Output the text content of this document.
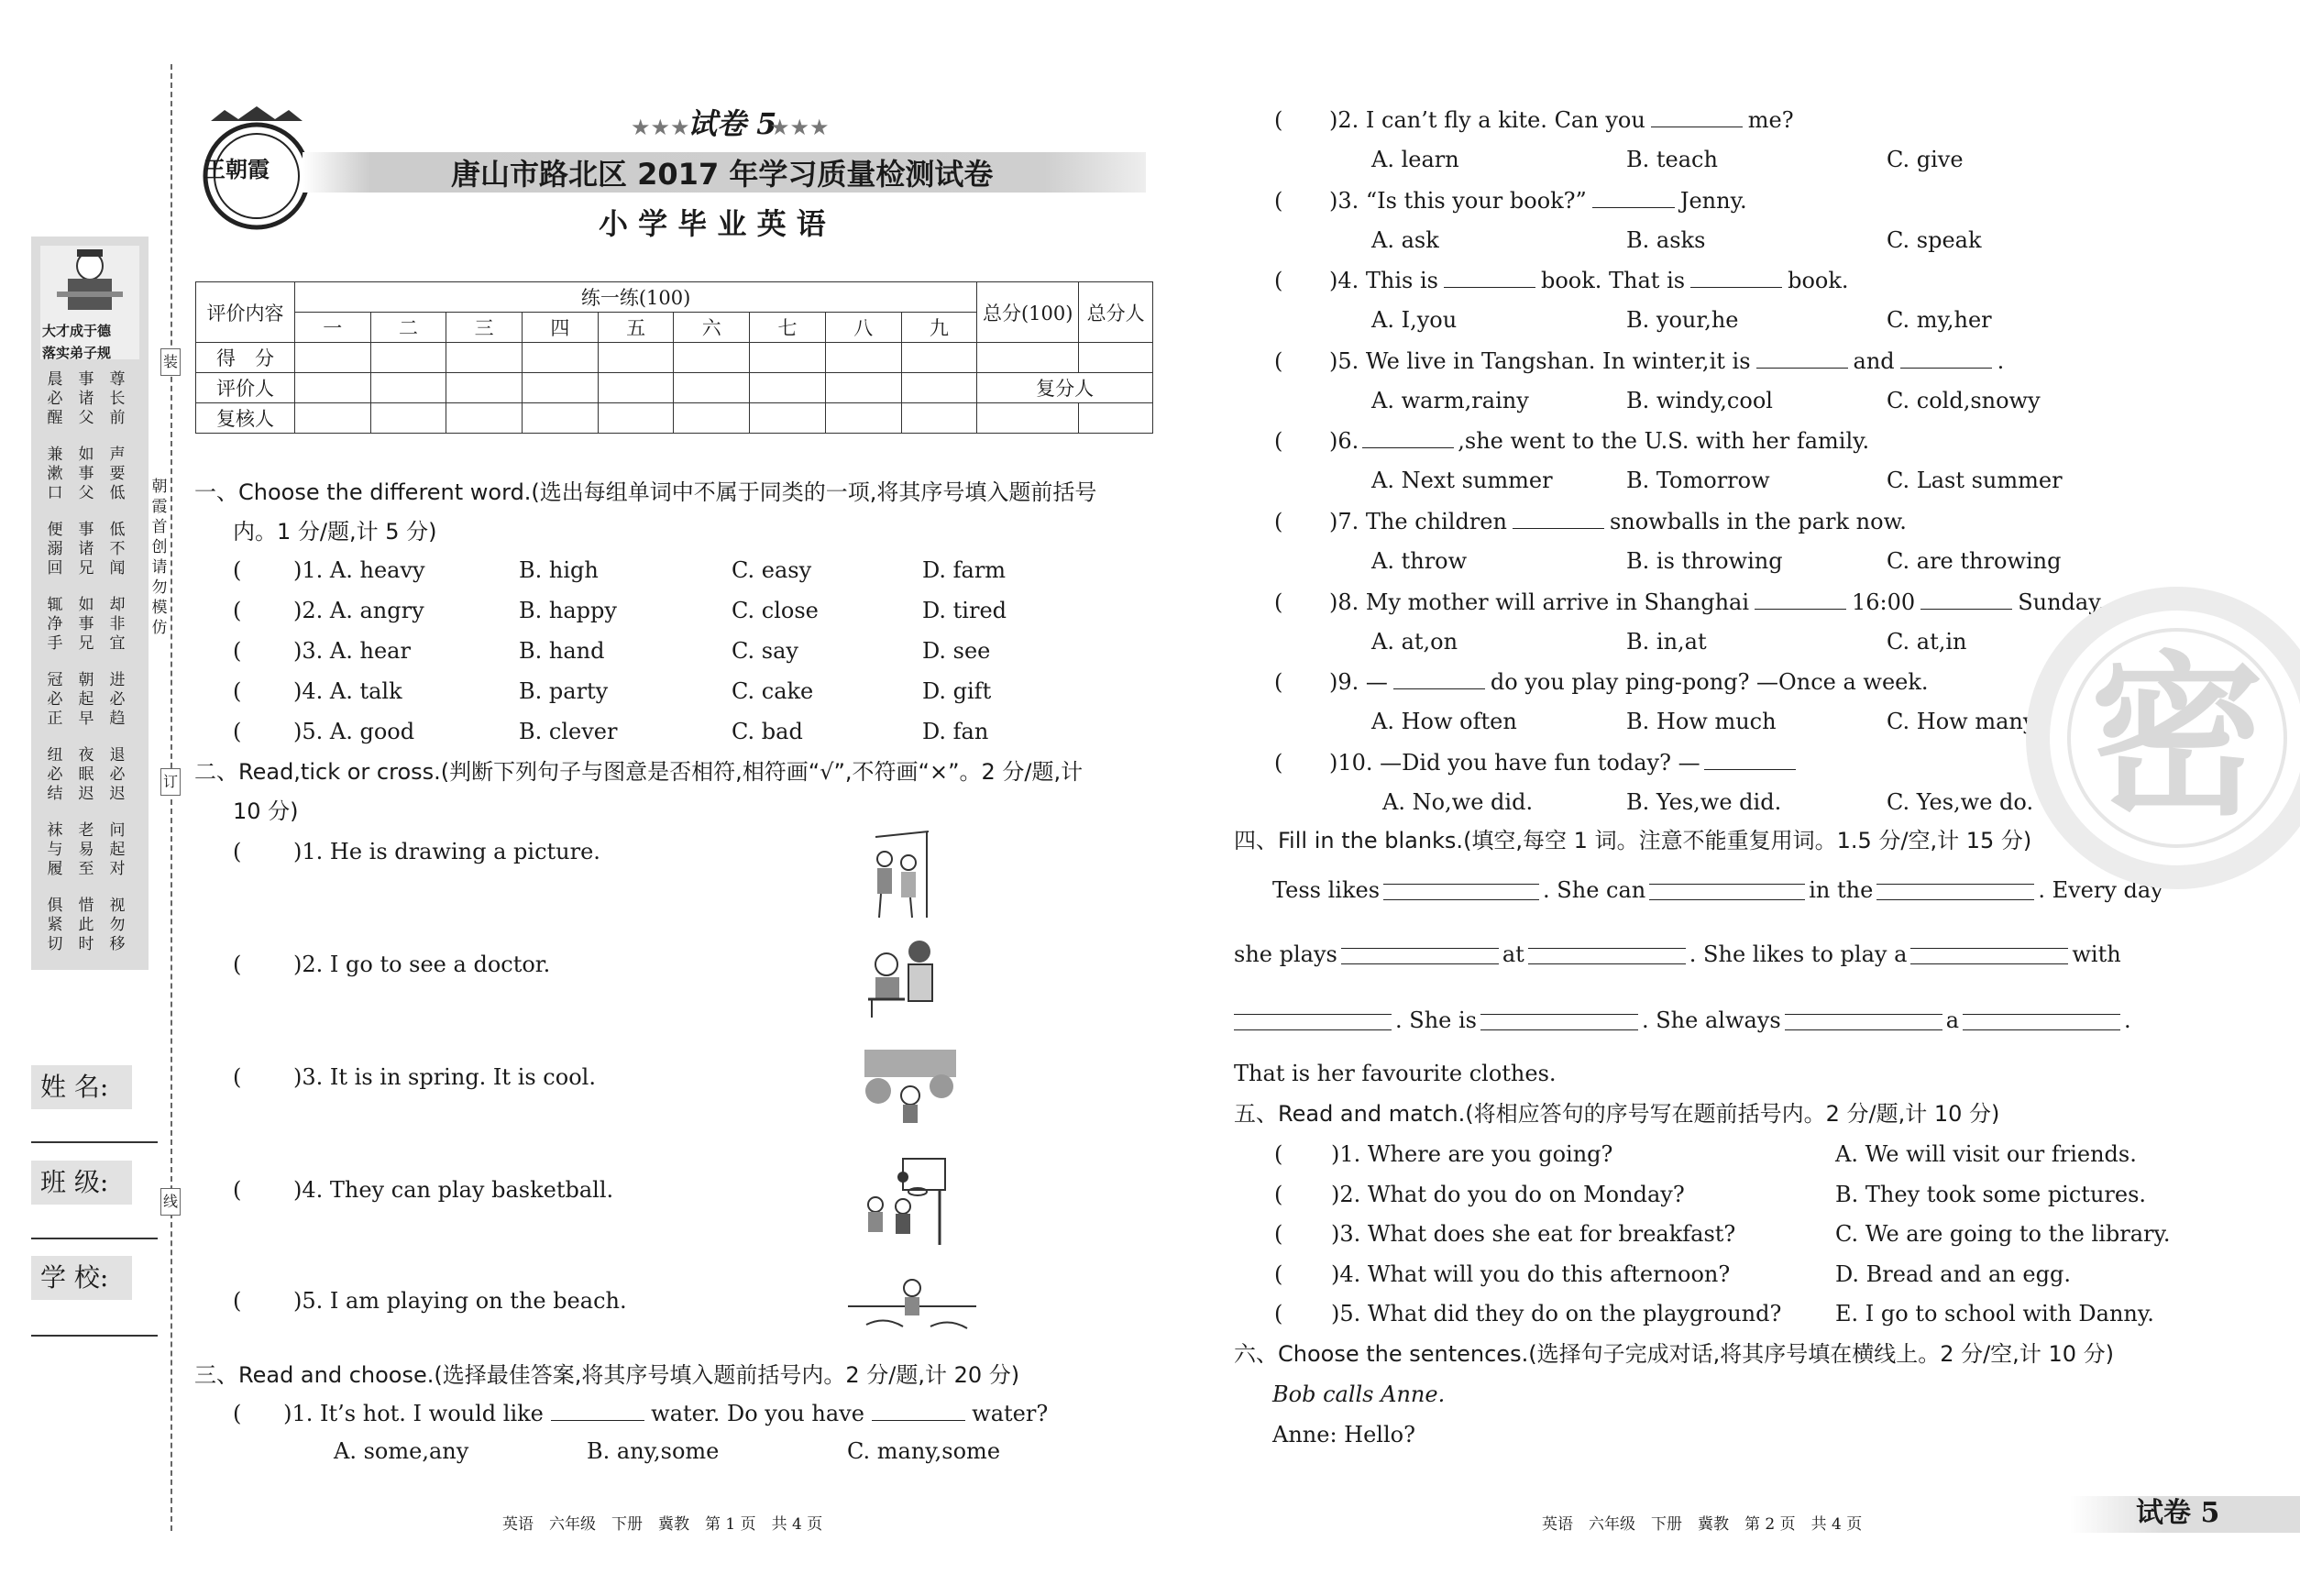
大才成于德
落实弟子规
晨必醒
事诸父
尊长前
兼漱口
如事父
声要低
便溺回
事诸兄
低不闻
辄净手
如事兄
却非宜
冠必正
朝起早
进必趋
纽必结
夜眠迟
退必迟
袜与履
老易至
问起对
俱紧切
惜此时
视勿移
姓 名:
班 级:
学 校:
装
订
线
朝霞首创 请勿模仿
王朝霞
★★★
试卷 5
★★★
唐山市路北区 2017 年学习质量检测试卷
小 学 毕 业 英 语
评价内容	练一练(100)									总分(100)	总分人
	一	二	三	四	五	六	七	八	九		
得　分											
评价人										复分人	
复核人											
一、Choose the different word.(选出每组单词中不属于同类的一项,将其序号填入题前括号
内。1 分/题,计 5 分)
( )1. A. heavy	B. high	C. easy	D. farm
( )2. A. angry	B. happy	C. close	D. tired
( )3. A. hear	B. hand	C. say	D. see
( )4. A. talk	B. party	C. cake	D. gift
( )5. A. good	B. clever	C. bad	D. fan
二、Read,tick or cross.(判断下列句子与图意是否相符,相符画“√”,不符画“×”。2 分/题,计
10 分)
( )1. He is drawing a picture.
( )2. I go to see a doctor.
( )3. It is in spring. It is cool.
( )4. They can play basketball.
( )5. I am playing on the beach.
三、Read and choose.(选择最佳答案,将其序号填入题前括号内。2 分/题,计 20 分)
(      )1. It’s hot. I would like	water. Do you have	water?
A. some,any	B. any,some	C. many,some
英语　六年级　下册　冀教　第 1 页　共 4 页
( )2. I can’t fly a kite. Can you	me?
A. learn	B. teach	C. give
( )3. “Is this your book?”	Jenny.
A. ask	B. asks	C. speak
( )4. This is	book. That is	book.
A. I,you	B. your,he	C. my,her
( )5. We live in Tangshan. In winter,it is	and	.
A. warm,rainy	B. windy,cool	C. cold,snowy
( )6.	,she went to the U.S. with her family.
A. Next summer	B. Tomorrow	C. Last summer
( )7. The children	snowballs in the park now.
A. throw	B. is throwing	C. are throwing
( )8. My mother will arrive in Shanghai	16:00	Sunday.
A. at,on	B. in,at	C. at,in
( )9. —	do you play ping-pong? —Once a week.
A. How often	B. How much	C. How many
( )10. —Did you have fun today? —
A. No,we did.	B. Yes,we did.	C. Yes,we do.
四、Fill in the blanks.(填空,每空 1 词。注意不能重复用词。1.5 分/空,计 15 分)
Tess likes	. She can	in the	. Every day
she plays	at	. She likes to play a	with
. She is	. She always	a	.
That is her favourite clothes.
五、Read and match.(将相应答句的序号写在题前括号内。2 分/题,计 10 分)
( )1. Where are you going?	A. We will visit our friends.
( )2. What do you do on Monday?	B. They took some pictures.
( )3. What does she eat for breakfast?	C. We are going to the library.
( )4. What will you do this afternoon?	D. Bread and an egg.
( )5. What did they do on the playground? E. I go to school with Danny.
六、Choose the sentences.(选择句子完成对话,将其序号填在横线上。2 分/空,计 10 分)
Bob calls Anne.
Anne: Hello?
英语　六年级　下册　冀教　第 2 页　共 4 页	试卷 5
密
